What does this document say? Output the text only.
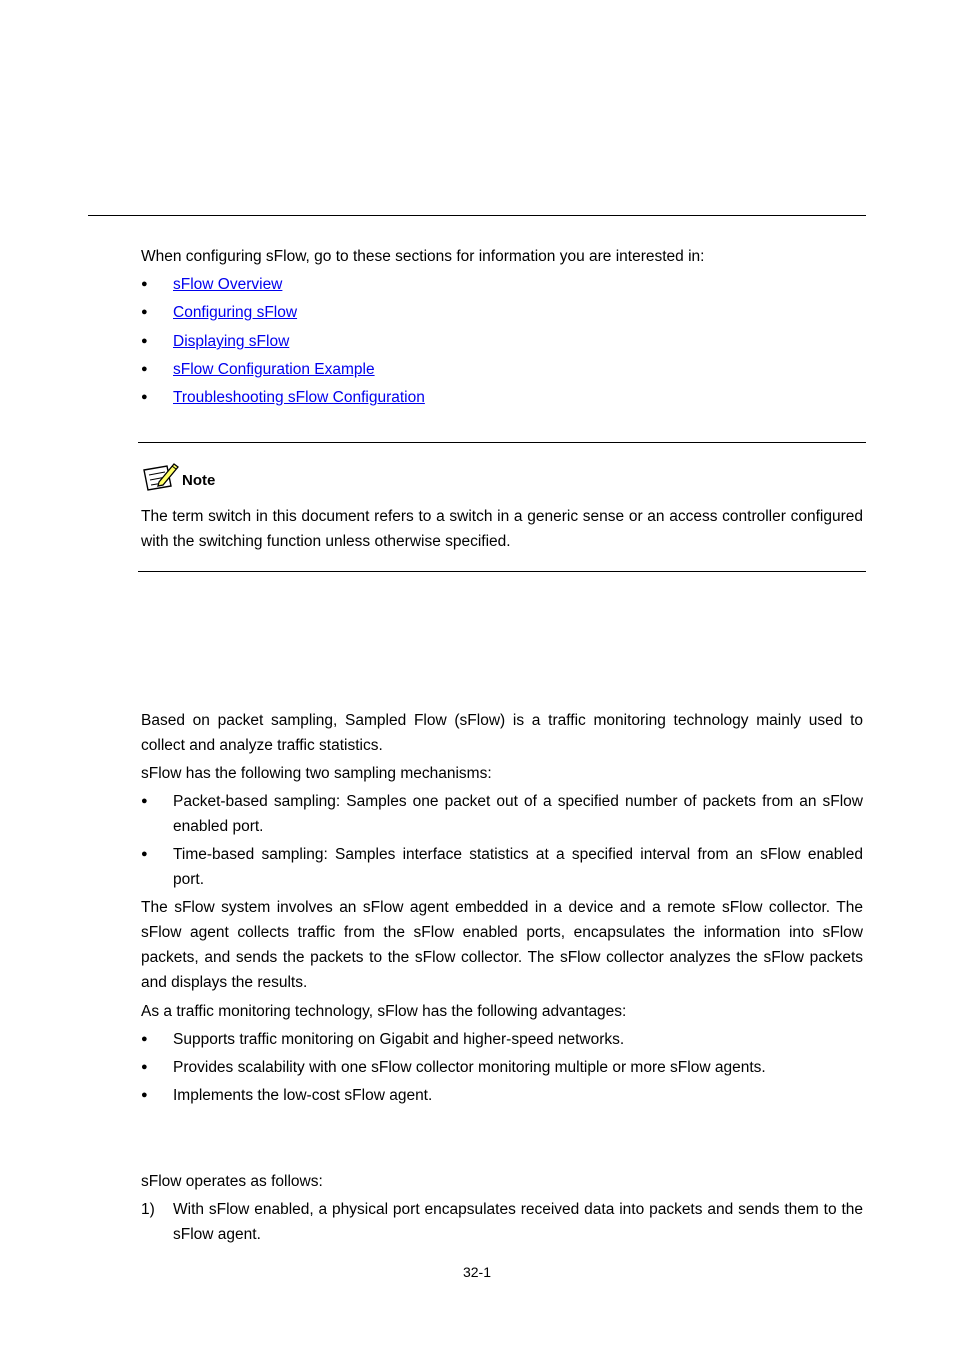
When configuring sFlow, go to these sections for information you are interested in:

● sFlow Overview
● Configuring sFlow
● Displaying sFlow
● sFlow Configuration Example
● Troubleshooting sFlow Configuration
Note

The term switch in this document refers to a switch in a generic sense or an access controller configured with the switching function unless otherwise specified.

Based on packet sampling, Sampled Flow (sFlow) is a traffic monitoring technology mainly used to collect and analyze traffic statistics.

sFlow has the following two sampling mechanisms:

● Packet-based sampling: Samples one packet out of a specified number of packets from an sFlow enabled port.

● Time-based sampling: Samples interface statistics at a specified interval from an sFlow enabled port.

The sFlow system involves an sFlow agent embedded in a device and a remote sFlow collector. The sFlow agent collects traffic from the sFlow enabled ports, encapsulates the information into sFlow packets, and sends the packets to the sFlow collector. The sFlow collector analyzes the sFlow packets and displays the results.

As a traffic monitoring technology, sFlow has the following advantages:

● Supports traffic monitoring on Gigabit and higher-speed networks.

● Provides scalability with one sFlow collector monitoring multiple or more sFlow agents.

● Implements the low-cost sFlow agent.

sFlow operates as follows:

1)	With sFlow enabled, a physical port encapsulates received data into packets and sends them to the sFlow agent.

32-1
